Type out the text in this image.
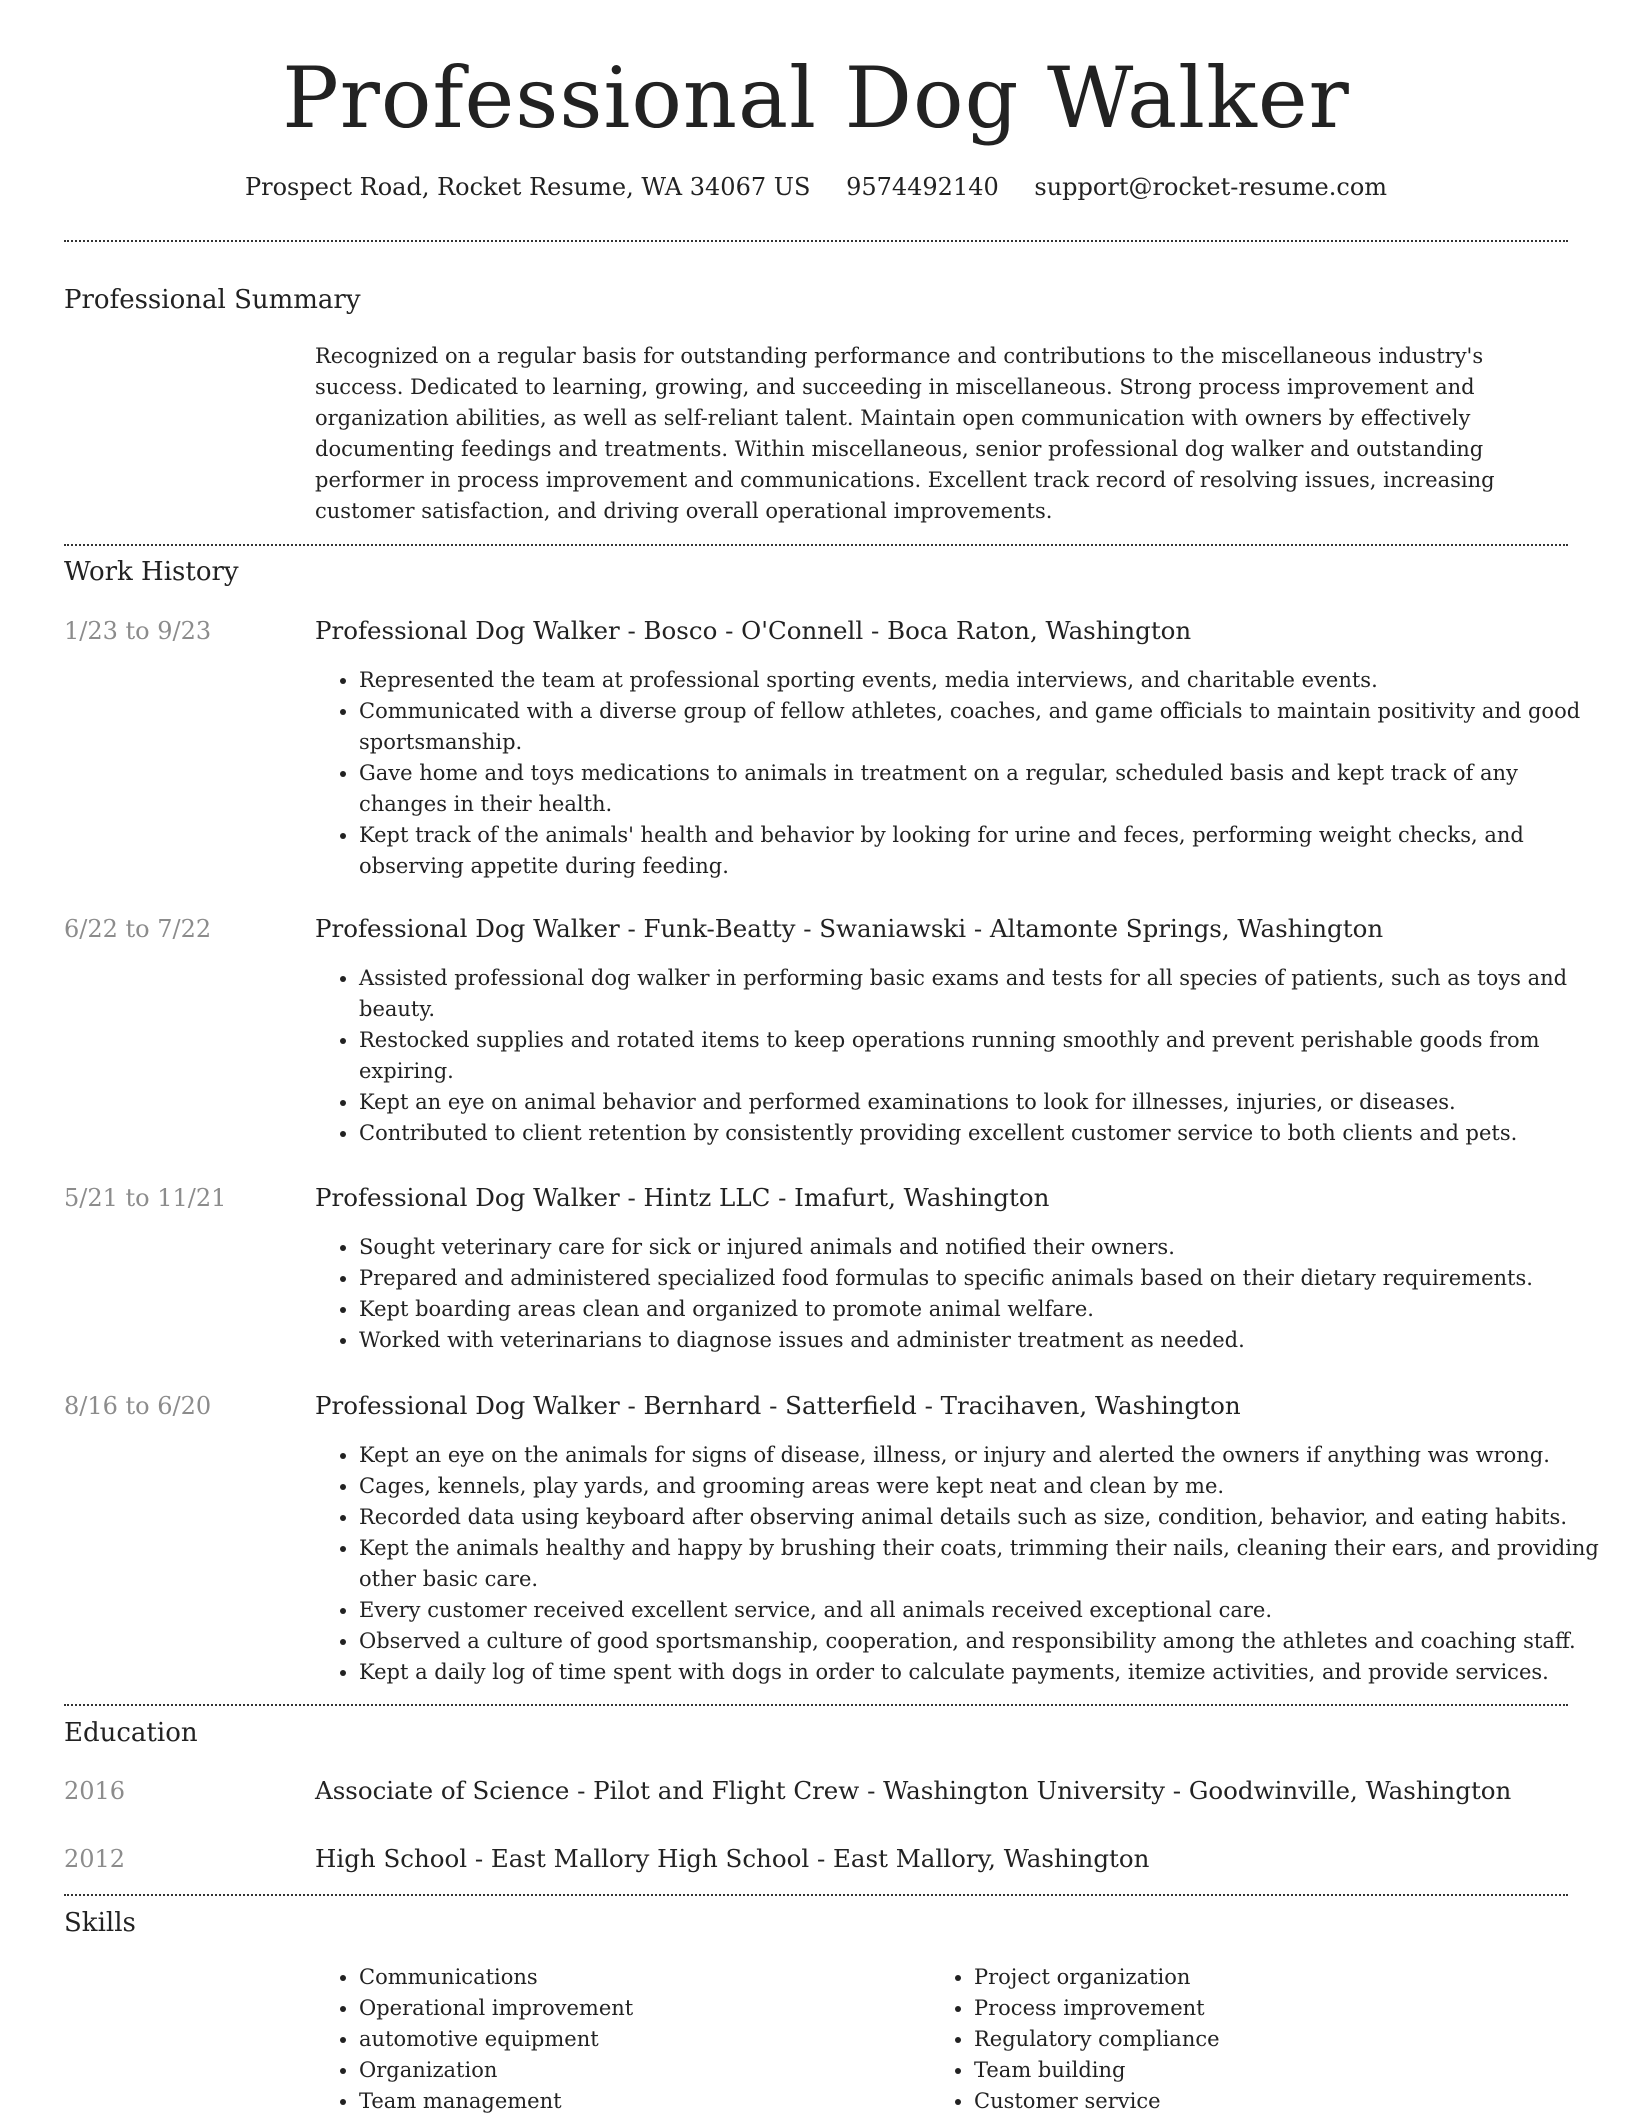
Professional Dog Walker
Prospect Road, Rocket Resume, WA 34067 US 9574492140 support@rocket-resume.com
Professional Summary
Recognized on a regular basis for outstanding performance and contributions to the miscellaneous industry's success. Dedicated to learning, growing, and succeeding in miscellaneous. Strong process improvement and organization abilities, as well as self-reliant talent. Maintain open communication with owners by effectively documenting feedings and treatments. Within miscellaneous, senior professional dog walker and outstanding performer in process improvement and communications. Excellent track record of resolving issues, increasing customer satisfaction, and driving overall operational improvements.
Work History
1/23 to 9/23	Professional Dog Walker - Bosco - O'Connell - Boca Raton, Washington
• Represented the team at professional sporting events, media interviews, and charitable events.
• Communicated with a diverse group of fellow athletes, coaches, and game officials to maintain positivity and good sportsmanship.
• Gave home and toys medications to animals in treatment on a regular, scheduled basis and kept track of any changes in their health.
• Kept track of the animals' health and behavior by looking for urine and feces, performing weight checks, and observing appetite during feeding.
6/22 to 7/22	Professional Dog Walker - Funk-Beatty - Swaniawski - Altamonte Springs, Washington
• Assisted professional dog walker in performing basic exams and tests for all species of patients, such as toys and beauty.
• Restocked supplies and rotated items to keep operations running smoothly and prevent perishable goods from expiring.
• Kept an eye on animal behavior and performed examinations to look for illnesses, injuries, or diseases.
• Contributed to client retention by consistently providing excellent customer service to both clients and pets.
5/21 to 11/21	Professional Dog Walker - Hintz LLC - Imafurt, Washington
• Sought veterinary care for sick or injured animals and notified their owners.
• Prepared and administered specialized food formulas to specific animals based on their dietary requirements.
• Kept boarding areas clean and organized to promote animal welfare.
• Worked with veterinarians to diagnose issues and administer treatment as needed.
8/16 to 6/20	Professional Dog Walker - Bernhard - Satterfield - Tracihaven, Washington
• Kept an eye on the animals for signs of disease, illness, or injury and alerted the owners if anything was wrong.
• Cages, kennels, play yards, and grooming areas were kept neat and clean by me.
• Recorded data using keyboard after observing animal details such as size, condition, behavior, and eating habits.
• Kept the animals healthy and happy by brushing their coats, trimming their nails, cleaning their ears, and providing other basic care.
• Every customer received excellent service, and all animals received exceptional care.
• Observed a culture of good sportsmanship, cooperation, and responsibility among the athletes and coaching staff.
• Kept a daily log of time spent with dogs in order to calculate payments, itemize activities, and provide services.
Education
2016	Associate of Science - Pilot and Flight Crew - Washington University - Goodwinville, Washington
2012	High School - East Mallory High School - East Mallory, Washington
Skills
• Communications
• Operational improvement
• automotive equipment
• Organization
• Team management
• Project organization
• Process improvement
• Regulatory compliance
• Team building
• Customer service
